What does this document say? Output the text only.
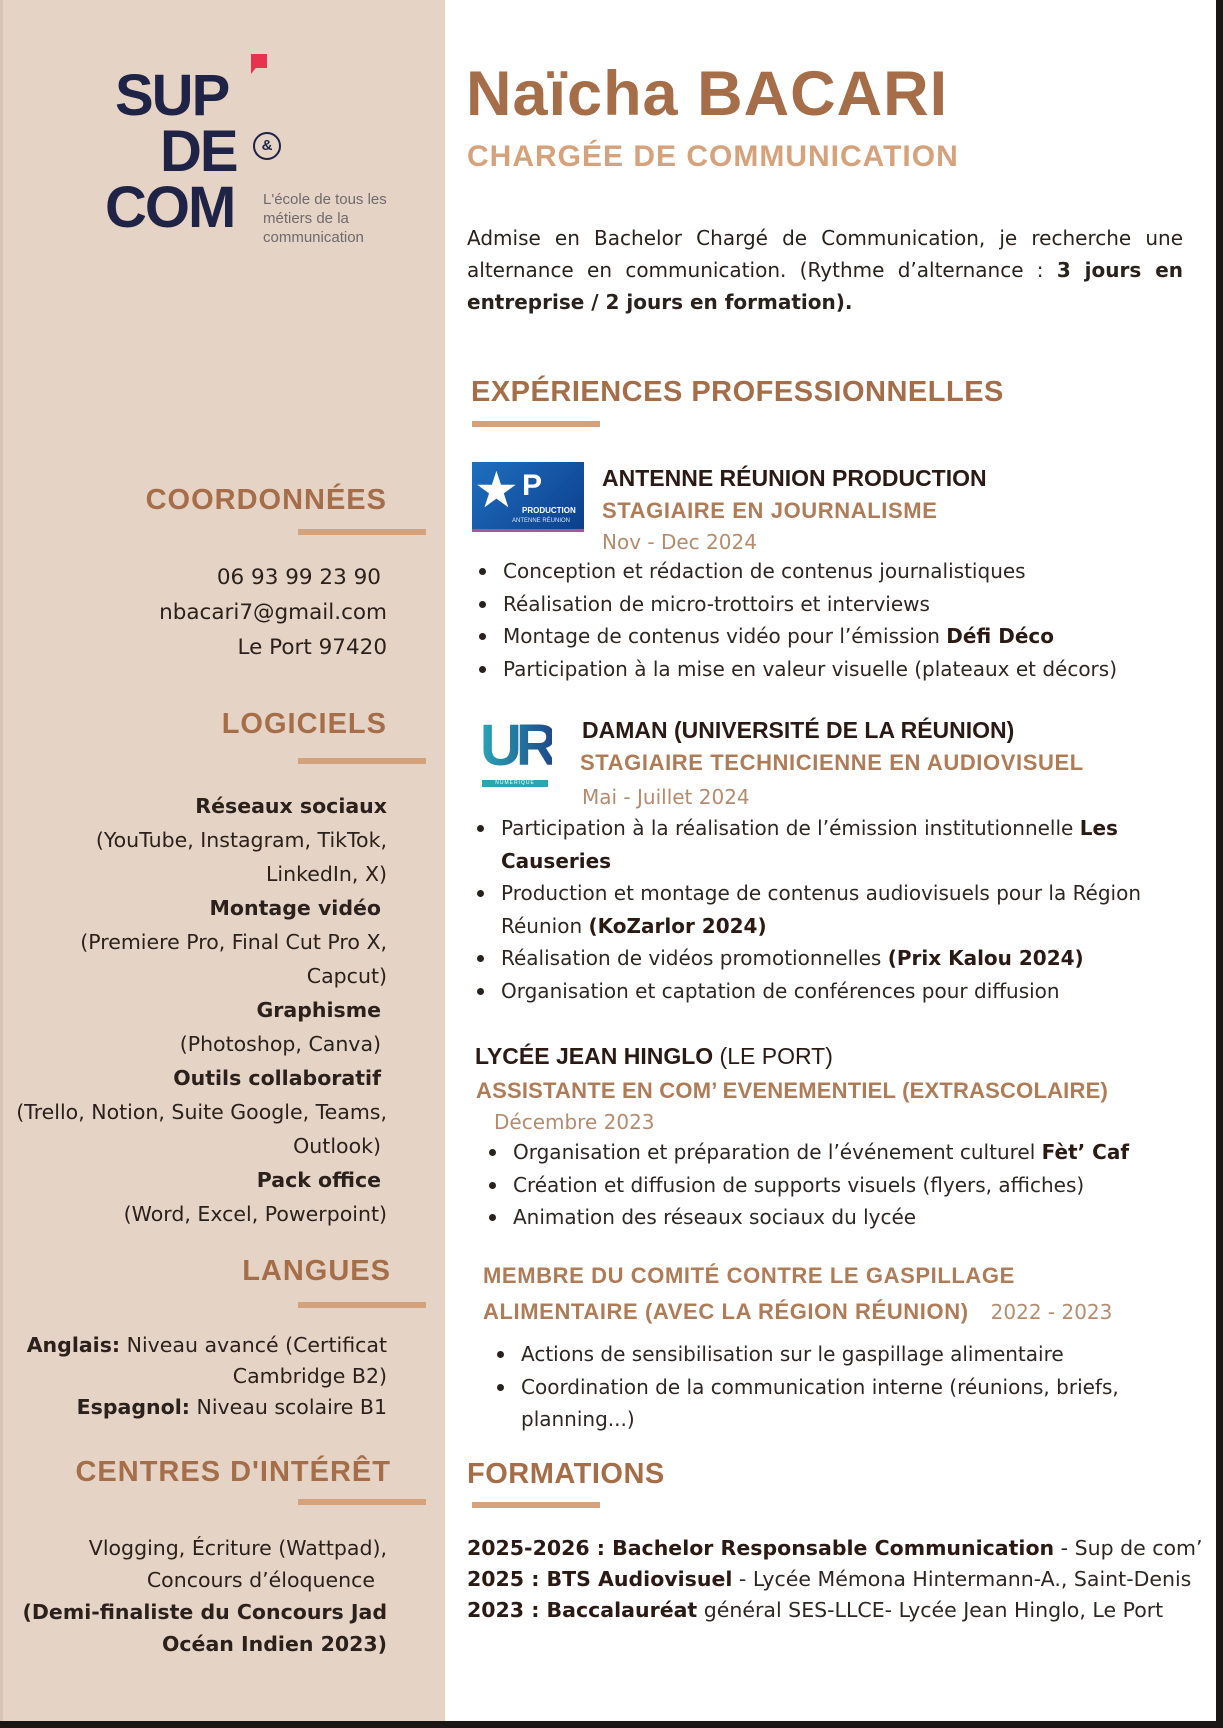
SUP
DE	&
COM L'école de tous les métiers de la communication
COORDONNÉES
06 93 99 23 90
nbacari7@gmail.com
Le Port 97420
LOGICIELS
Réseaux sociaux
(YouTube, Instagram, TikTok,
LinkedIn, X)
Montage vidéo
(Premiere Pro, Final Cut Pro X,
Capcut)
Graphisme
(Photoshop, Canva)
Outils collaboratif
(Trello, Notion, Suite Google, Teams,
Outlook)
Pack office
(Word, Excel, Powerpoint)
LANGUES
Anglais: Niveau avancé (Certificat
Cambridge B2)
Espagnol: Niveau scolaire B1
CENTRES D'INTÉRÊT
Vlogging, Écriture (Wattpad),
Concours d’éloquence
(Demi-finaliste du Concours Jad
Océan Indien 2023)
Naïcha BACARI
CHARGÉE DE COMMUNICATION

Admise en Bachelor Chargé de Communication, je recherche une alternance en communication. (Rythme d’alternance : 3 jours en entreprise / 2 jours en formation).

EXPÉRIENCES PROFESSIONNELLES
★ P
PRODUCTION
ANTENNE RÉUNION
ANTENNE RÉUNION PRODUCTION
STAGIAIRE EN JOURNALISME
Nov - Dec 2024
Conception et rédaction de contenus journalistiques
Réalisation de micro-trottoirs et interviews
Montage de contenus vidéo pour l’émission Défi Déco
Participation à la mise en valeur visuelle (plateaux et décors)
UR
NUMÉRIQUE
DAMAN (UNIVERSITÉ DE LA RÉUNION)
STAGIAIRE TECHNICIENNE EN AUDIOVISUEL
Mai - Juillet 2024
Participation à la réalisation de l’émission institutionnelle Les Causeries
Production et montage de contenus audiovisuels pour la Région Réunion (KoZarlor 2024)
Réalisation de vidéos promotionnelles (Prix Kalou 2024)
Organisation et captation de conférences pour diffusion
LYCÉE JEAN HINGLO (LE PORT)
ASSISTANTE EN COM’ EVENEMENTIEL (EXTRASCOLAIRE)
Décembre 2023
Organisation et préparation de l’événement culturel Fèt’ Caf
Création et diffusion de supports visuels (flyers, affiches)
Animation des réseaux sociaux du lycée
MEMBRE DU COMITÉ CONTRE LE GASPILLAGE
ALIMENTAIRE (AVEC LA RÉGION RÉUNION) 2022 - 2023
Actions de sensibilisation sur le gaspillage alimentaire
Coordination de la communication interne (réunions, briefs, planning...)
FORMATIONS
2025-2026 : Bachelor Responsable Communication - Sup de com’
2025 : BTS Audiovisuel - Lycée Mémona Hintermann-A., Saint-Denis
2023 : Baccalauréat général SES-LLCE- Lycée Jean Hinglo, Le Port
